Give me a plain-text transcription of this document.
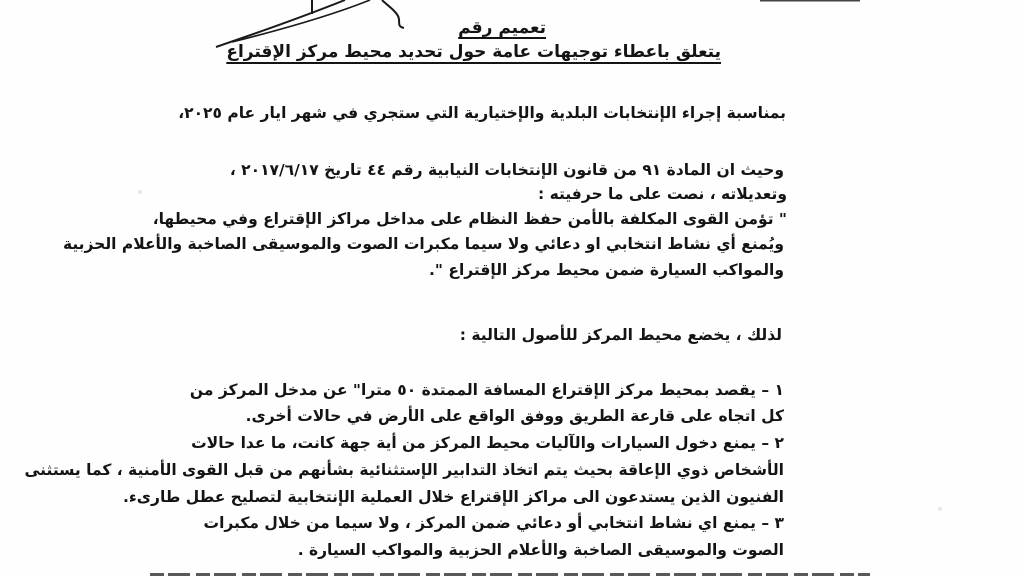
تعميم رقم
يتعلق باعطاء توجيهات عامة حول تحديد محيط مركز الإقتراع
بمناسبة إجراء الإنتخابات البلدية والإختيارية التي ستجري في شهر ايار عام ٢٠٢٥،
وحيث ان المادة ٩١ من قانون الإنتخابات النيابية رقم ٤٤ تاريخ ٢٠١٧/٦/١٧ ،
وتعديلاته ، نصت على ما حرفيته :
" تؤمن القوى المكلفة بالأمن حفظ النظام على مداخل مراكز الإقتراع وفي محيطها،
ويُمنع أي نشاط انتخابي او دعائي ولا سيما مكبرات الصوت والموسيقى الصاخبة والأعلام الحزبية
والمواكب السيارة ضمن محيط مركز الإقتراع ".
لذلك ، يخضع محيط المركز للأصول التالية :
١ – يقصد بمحيط مركز الإقتراع المسافة الممتدة ٥٠ مترا" عن مدخل المركز من
كل اتجاه على قارعة الطريق ووفق الواقع على الأرض في حالات أخرى.
٢ – يمنع دخول السيارات والآليات محيط المركز من أية جهة كانت، ما عدا حالات
الأشخاص ذوي الإعاقة بحيث يتم اتخاذ التدابير الإستثنائية بشأنهم من قبل القوى الأمنية ، كما يستثنى
الفنيون الذين يستدعون الى مراكز الإقتراع خلال العملية الإنتخابية لتصليح عطل طارىء.
٣ – يمنع اي نشاط انتخابي أو دعائي ضمن المركز ، ولا سيما من خلال مكبرات
الصوت والموسيقى الصاخبة والأعلام الحزبية والمواكب السيارة .
